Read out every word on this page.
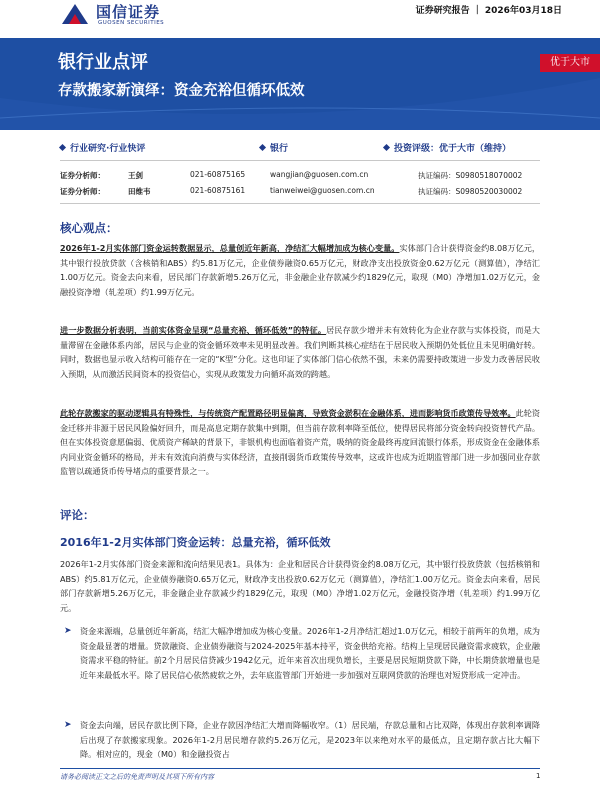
国信证券
GUOSEN SECURITIES
证券研究报告 ｜ 2026年03月18日
银行业点评
存款搬家新演绎：资金充裕但循环低效
优于大市
行业研究·行业快评	银行	投资评级：优于大市（维持）
证券分析师：	王剑	021-60875165	wangjian@guosen.com.cn	执证编码：S0980518070002
证券分析师：	田维韦	021-60875161	tianweiwei@guosen.com.cn	执证编码：S0980520030002
核心观点：
2026年1-2月实体部门资金运转数据显示，总量创近年新高，净结汇大幅增加成为核心变量。实体部门合计获得资金约8.08万亿元，其中银行投放贷款（含核销和ABS）约5.81万亿元，企业债券融资0.65万亿元，财政净支出投放资金0.62万亿元（测算值），净结汇1.00万亿元。资金去向来看，居民部门存款新增5.26万亿元，非金融企业存款减少约1829亿元，取现（M0）净增加1.02万亿元，金融投资净增（轧差项）约1.99万亿元。
进一步数据分析表明，当前实体资金呈现“总量充裕、循环低效”的特征。居民存款少增并未有效转化为企业存款与实体投资，而是大量滞留在金融体系内部，居民与企业的资金循环效率未见明显改善。我们判断其核心症结在于居民收入预期仍处低位且未见明确好转。同时，数据也显示收入结构可能存在一定的“K型”分化。这也印证了实体部门信心依然不强，未来仍需要持政策进一步发力改善居民收入预期，从而激活民间资本的投资信心，实现从政策发力向循环高效的跨越。
此轮存款搬家的驱动逻辑具有特殊性，与传统资产配置路径明显偏离，导致资金淤积在金融体系，进而影响货币政策传导效率。此轮资金迁移并非源于居民风险偏好回升，而是高息定期存款集中到期，但当前存款利率降至低位，使得居民将部分资金转向投资替代产品。但在实体投资意愿偏弱、优质资产稀缺的背景下，非银机构也面临着资产荒，吸纳的资金最终再度回流银行体系，形成资金在金融体系内同业资金循环的格局，并未有效流向消费与实体经济，直接削弱货币政策传导效率，这或许也成为近期监管部门进一步加强同业存款监管以疏通货币传导堵点的重要背景之一。
评论：
2016年1-2月实体部门资金运转：总量充裕，循环低效
2026年1-2月实体部门资金来源和流向结果见表1。具体为：企业和居民合计获得资金约8.08万亿元，其中银行投放贷款（包括核销和ABS）约5.81万亿元，企业债券融资0.65万亿元，财政净支出投放0.62万亿元（测算值），净结汇1.00万亿元。资金去向来看，居民部门存款新增5.26万亿元，非金融企业存款减少约1829亿元，取现（M0）净增1.02万亿元，金融投资净增（轧差项）约1.99万亿元。
➤ 资金来源端，总量创近年新高，结汇大幅净增加成为核心变量。2026年1-2月净结汇超过1.0万亿元，相较于前两年的负增，成为资金最显著的增量。贷款融资、企业债券融资与2024-2025年基本持平，资金供给充裕。结构上呈现居民融资需求疲软，企业融资需求平稳的特征。前2个月居民信贷减少1942亿元，近年来首次出现负增长，主要是居民短期贷款下降，中长期贷款增量也是近年来最低水平。除了居民信心依然疲软之外，去年底监管部门开始进一步加强对互联网贷款的治理也对短贷形成一定冲击。
➤ 资金去向端，居民存款比例下降，企业存款因净结汇大增而降幅收窄。（1）居民端，存款总量和占比双降，体现出存款利率调降后出现了存款搬家现象。2026年1-2月居民增存款约5.26万亿元，是2023年以来绝对水平的最低点，且定期存款占比大幅下降。相对应的，现金（M0）和金融投资占
请务必阅读正文之后的免责声明及其项下所有内容	1
